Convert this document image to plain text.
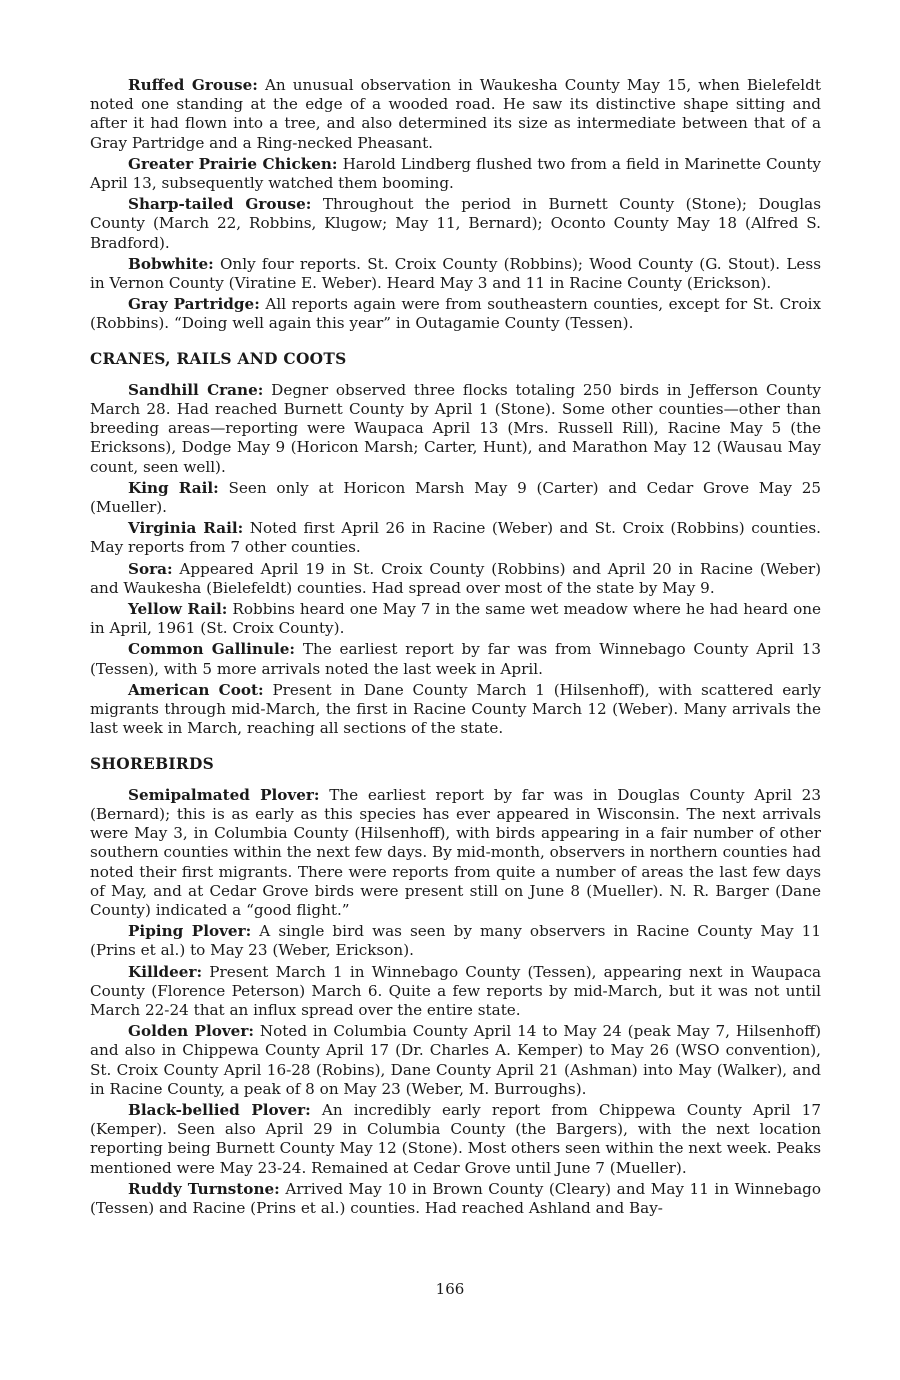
Ruffed Grouse: An unusual observation in Waukesha County May 15, when Bielefeldt noted one standing at the edge of a wooded road. He saw its distinctive shape sitting and after it had flown into a tree, and also determined its size as intermediate between that of a Gray Partridge and a Ring-necked Pheasant.

Greater Prairie Chicken: Harold Lindberg flushed two from a field in Marinette County April 13, subsequently watched them booming.

Sharp-tailed Grouse: Throughout the period in Burnett County (Stone); Douglas County (March 22, Robbins, Klugow; May 11, Bernard); Oconto County May 18 (Alfred S. Bradford).

Bobwhite: Only four reports. St. Croix County (Robbins); Wood County (G. Stout). Less in Vernon County (Viratine E. Weber). Heard May 3 and 11 in Racine County (Erickson).

Gray Partridge: All reports again were from southeastern counties, except for St. Croix (Robbins). “Doing well again this year” in Outagamie County (Tessen).

CRANES, RAILS AND COOTS

Sandhill Crane: Degner observed three flocks totaling 250 birds in Jefferson County March 28. Had reached Burnett County by April 1 (Stone). Some other counties—other than breeding areas—reporting were Waupaca April 13 (Mrs. Russell Rill), Racine May 5 (the Ericksons), Dodge May 9 (Horicon Marsh; Carter, Hunt), and Marathon May 12 (Wausau May count, seen well).

King Rail: Seen only at Horicon Marsh May 9 (Carter) and Cedar Grove May 25 (Mueller).

Virginia Rail: Noted first April 26 in Racine (Weber) and St. Croix (Robbins) counties. May reports from 7 other counties.

Sora: Appeared April 19 in St. Croix County (Robbins) and April 20 in Racine (Weber) and Waukesha (Bielefeldt) counties. Had spread over most of the state by May 9.

Yellow Rail: Robbins heard one May 7 in the same wet meadow where he had heard one in April, 1961 (St. Croix County).

Common Gallinule: The earliest report by far was from Winnebago County April 13 (Tessen), with 5 more arrivals noted the last week in April.

American Coot: Present in Dane County March 1 (Hilsenhoff), with scattered early migrants through mid-March, the first in Racine County March 12 (Weber). Many arrivals the last week in March, reaching all sections of the state.

SHOREBIRDS

Semipalmated Plover: The earliest report by far was in Douglas County April 23 (Bernard); this is as early as this species has ever appeared in Wisconsin. The next arrivals were May 3, in Columbia County (Hilsenhoff), with birds appearing in a fair number of other southern counties within the next few days. By mid-month, observers in northern counties had noted their first migrants. There were reports from quite a number of areas the last few days of May, and at Cedar Grove birds were present still on June 8 (Mueller). N. R. Barger (Dane County) indicated a “good flight.”

Piping Plover: A single bird was seen by many observers in Racine County May 11 (Prins et al.) to May 23 (Weber, Erickson).

Killdeer: Present March 1 in Winnebago County (Tessen), appearing next in Waupaca County (Florence Peterson) March 6. Quite a few reports by mid-March, but it was not until March 22-24 that an influx spread over the entire state.

Golden Plover: Noted in Columbia County April 14 to May 24 (peak May 7, Hilsenhoff) and also in Chippewa County April 17 (Dr. Charles A. Kemper) to May 26 (WSO convention), St. Croix County April 16-28 (Robins), Dane County April 21 (Ashman) into May (Walker), and in Racine County, a peak of 8 on May 23 (Weber, M. Burroughs).

Black-bellied Plover: An incredibly early report from Chippewa County April 17 (Kemper). Seen also April 29 in Columbia County (the Bargers), with the next location reporting being Burnett County May 12 (Stone). Most others seen within the next week. Peaks mentioned were May 23-24. Remained at Cedar Grove until June 7 (Mueller).

Ruddy Turnstone: Arrived May 10 in Brown County (Cleary) and May 11 in Winnebago (Tessen) and Racine (Prins et al.) counties. Had reached Ashland and Bay-

166
